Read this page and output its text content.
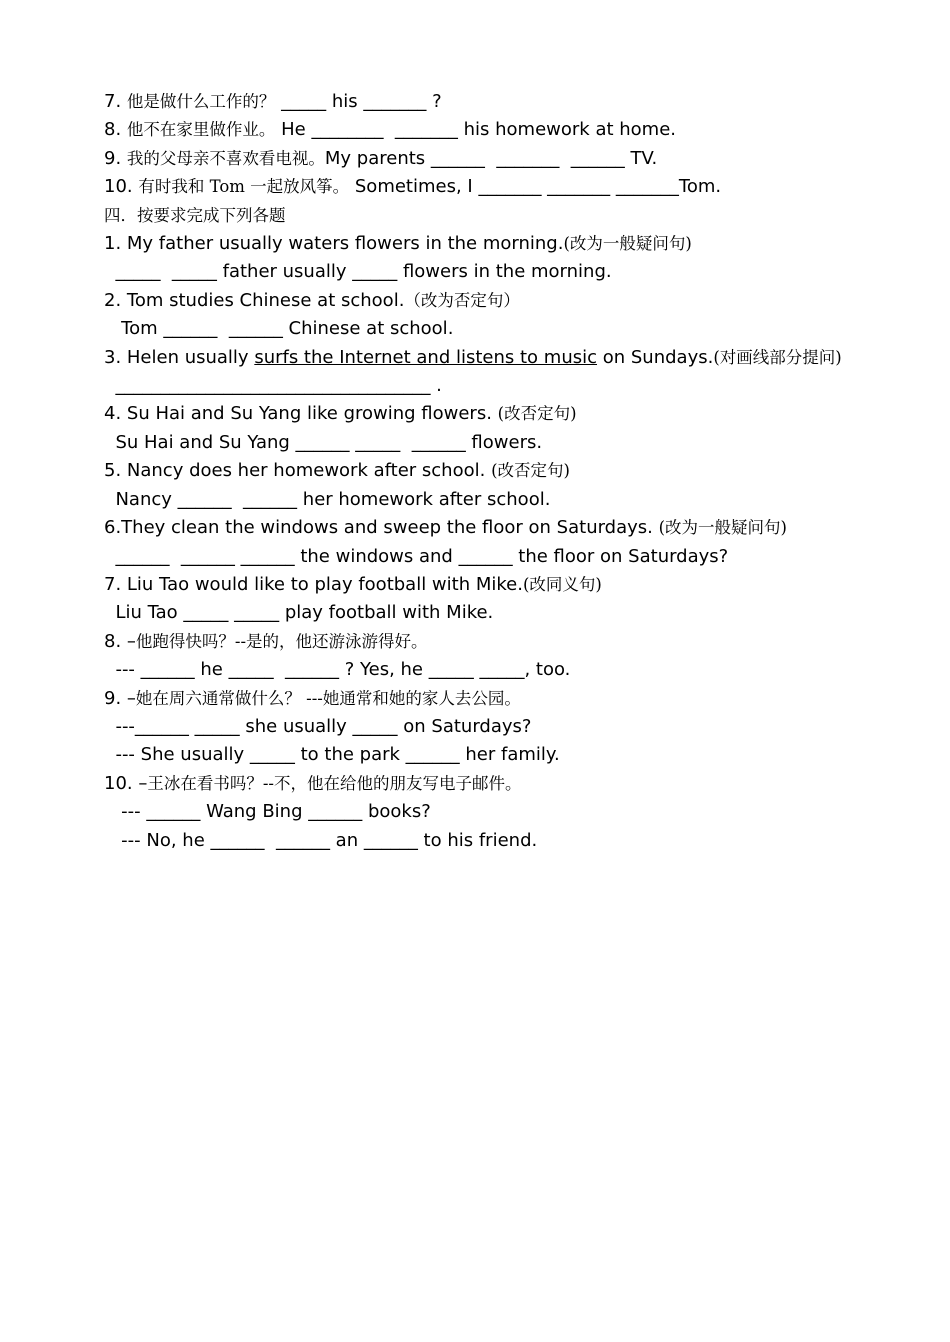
7. 他是做什么工作的？ _____ his _______ ?
8. 他不在家里做作业。 He ________  _______ his homework at home.
9. 我的父母亲不喜欢看电视。My parents ______  _______  ______ TV.
10. 有时我和 Tom 一起放风筝。 Sometimes, I _______ _______ _______Tom.
四．按要求完成下列各题
1. My father usually waters flowers in the morning.(改为一般疑问句)
_____  _____ father usually _____ flowers in the morning.
2. Tom studies Chinese at school.（改为否定句）
Tom ______  ______ Chinese at school.
3. Helen usually surfs the Internet and listens to music on Sundays.(对画线部分提问)
___________________________________ .
4. Su Hai and Su Yang like growing flowers. (改否定句)
Su Hai and Su Yang ______ _____  ______ flowers.
5. Nancy does her homework after school. (改否定句)
Nancy ______  ______ her homework after school.
6.They clean the windows and sweep the floor on Saturdays. (改为一般疑问句)
______  ______ ______ the windows and ______ the floor on Saturdays?
7. Liu Tao would like to play football with Mike.(改同义句)
Liu Tao _____ _____ play football with Mike.
8. –他跑得快吗？--是的，他还游泳游得好。
--- ______ he _____  ______ ? Yes, he _____ _____, too.
9. –她在周六通常做什么？ ---她通常和她的家人去公园。
---______ _____ she usually _____ on Saturdays?
--- She usually _____ to the park ______ her family.
10. –王冰在看书吗？--不，他在给他的朋友写电子邮件。
--- ______ Wang Bing ______ books?
--- No, he ______  ______ an ______ to his friend.
